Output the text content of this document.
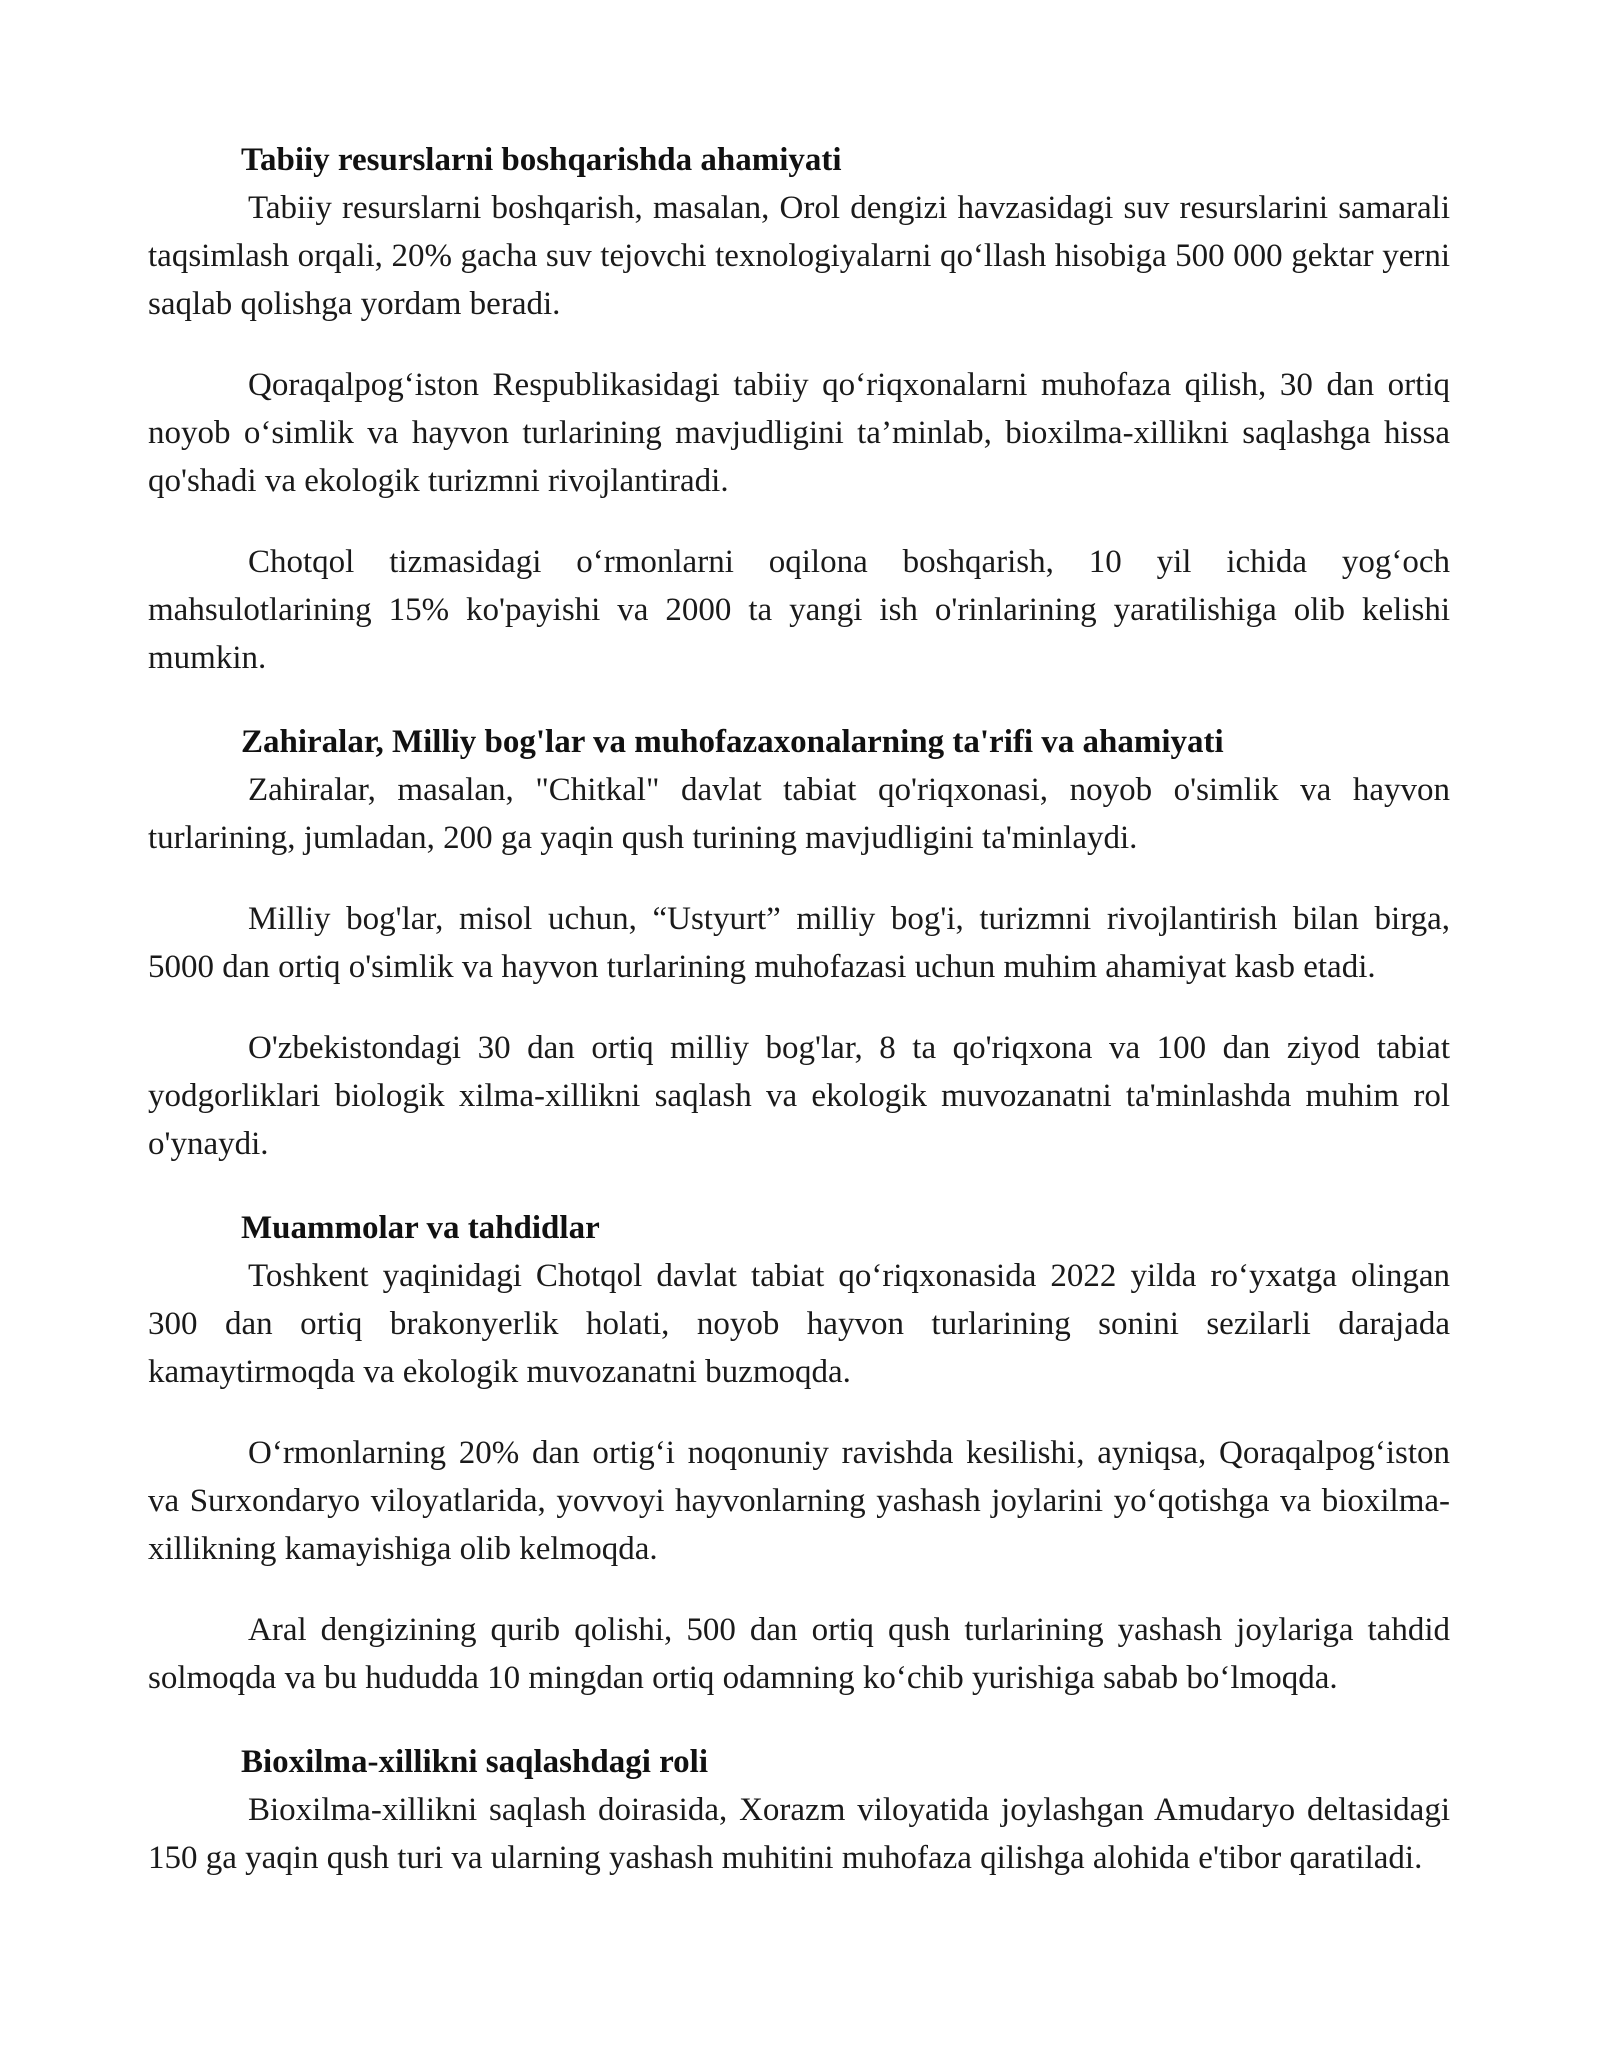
Tabiiy resurslarni boshqarishda ahamiyati

Tabiiy resurslarni boshqarish, masalan, Orol dengizi havzasidagi suv resurslarini samarali taqsimlash orqali, 20% gacha suv tejovchi texnologiyalarni qo‘llash hisobiga 500 000 gektar yerni saqlab qolishga yordam beradi.

Qoraqalpog‘iston Respublikasidagi tabiiy qo‘riqxonalarni muhofaza qilish, 30 dan ortiq noyob o‘simlik va hayvon turlarining mavjudligini ta’minlab, bioxilma-xillikni saqlashga hissa qo'shadi va ekologik turizmni rivojlantiradi.

Chotqol tizmasidagi o‘rmonlarni oqilona boshqarish, 10 yil ichida yog‘och mahsulotlarining 15% ko'payishi va 2000 ta yangi ish o'rinlarining yaratilishiga olib kelishi mumkin.

Zahiralar, Milliy bog'lar va muhofazaxonalarning ta'rifi va ahamiyati

Zahiralar, masalan, "Chitkal" davlat tabiat qo'riqxonasi, noyob o'simlik va hayvon turlarining, jumladan, 200 ga yaqin qush turining mavjudligini ta'minlaydi.

Milliy bog'lar, misol uchun, “Ustyurt” milliy bog'i, turizmni rivojlantirish bilan birga, 5000 dan ortiq o'simlik va hayvon turlarining muhofazasi uchun muhim ahamiyat kasb etadi.

O'zbekistondagi 30 dan ortiq milliy bog'lar, 8 ta qo'riqxona va 100 dan ziyod tabiat yodgorliklari biologik xilma-xillikni saqlash va ekologik muvozanatni ta'minlashda muhim rol o'ynaydi.

Muammolar va tahdidlar

Toshkent yaqinidagi Chotqol davlat tabiat qo‘riqxonasida 2022 yilda ro‘yxatga olingan 300 dan ortiq brakonyerlik holati, noyob hayvon turlarining sonini sezilarli darajada kamaytirmoqda va ekologik muvozanatni buzmoqda.

O‘rmonlarning 20% dan ortig‘i noqonuniy ravishda kesilishi, ayniqsa, Qoraqalpog‘iston va Surxondaryo viloyatlarida, yovvoyi hayvonlarning yashash joylarini yo‘qotishga va bioxilma-xillikning kamayishiga olib kelmoqda.

Aral dengizining qurib qolishi, 500 dan ortiq qush turlarining yashash joylariga tahdid solmoqda va bu hududda 10 mingdan ortiq odamning ko‘chib yurishiga sabab bo‘lmoqda.

Bioxilma-xillikni saqlashdagi roli

Bioxilma-xillikni saqlash doirasida, Xorazm viloyatida joylashgan Amudaryo deltasidagi 150 ga yaqin qush turi va ularning yashash muhitini muhofaza qilishga alohida e'tibor qaratiladi.
